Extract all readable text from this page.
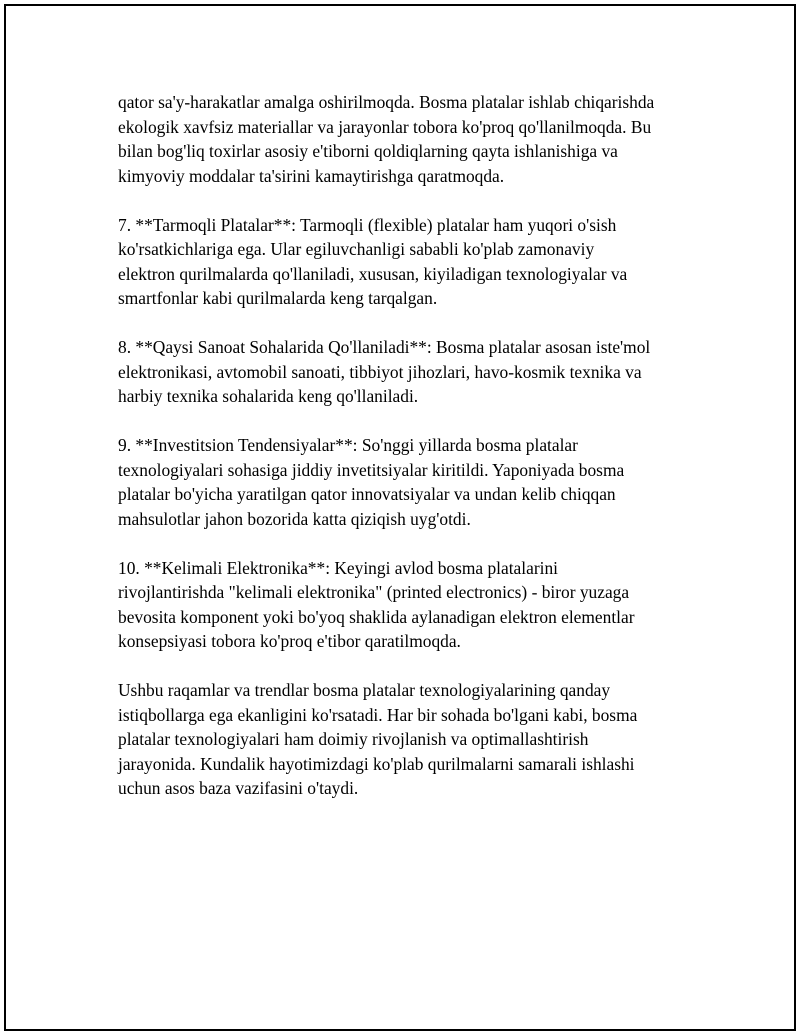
qator sa'y-harakatlar amalga oshirilmoqda. Bosma platalar ishlab chiqarishda
ekologik xavfsiz materiallar va jarayonlar tobora ko'proq qo'llanilmoqda. Bu
bilan bog'liq toxirlar asosiy e'tiborni qoldiqlarning qayta ishlanishiga va
kimyoviy moddalar ta'sirini kamaytirishga qaratmoqda.

7. **Tarmoqli Platalar**: Tarmoqli (flexible) platalar ham yuqori o'sish
ko'rsatkichlariga ega. Ular egiluvchanligi sababli ko'plab zamonaviy
elektron qurilmalarda qo'llaniladi, xususan, kiyiladigan texnologiyalar va
smartfonlar kabi qurilmalarda keng tarqalgan.

8. **Qaysi Sanoat Sohalarida Qo'llaniladi**: Bosma platalar asosan iste'mol
elektronikasi, avtomobil sanoati, tibbiyot jihozlari, havo-kosmik texnika va
harbiy texnika sohalarida keng qo'llaniladi.

9. **Investitsion Tendensiyalar**: So'nggi yillarda bosma platalar
texnologiyalari sohasiga jiddiy invetitsiyalar kiritildi. Yaponiyada bosma
platalar bo'yicha yaratilgan qator innovatsiyalar va undan kelib chiqqan
mahsulotlar jahon bozorida katta qiziqish uyg'otdi.

10. **Kelimali Elektronika**: Keyingi avlod bosma platalarini
rivojlantirishda "kelimali elektronika" (printed electronics) - biror yuzaga
bevosita komponent yoki bo'yoq shaklida aylanadigan elektron elementlar
konsepsiyasi tobora ko'proq e'tibor qaratilmoqda.

Ushbu raqamlar va trendlar bosma platalar texnologiyalarining qanday
istiqbollarga ega ekanligini ko'rsatadi. Har bir sohada bo'lgani kabi, bosma
platalar texnologiyalari ham doimiy rivojlanish va optimallashtirish
jarayonida. Kundalik hayotimizdagi ko'plab qurilmalarni samarali ishlashi
uchun asos baza vazifasini o'taydi.
